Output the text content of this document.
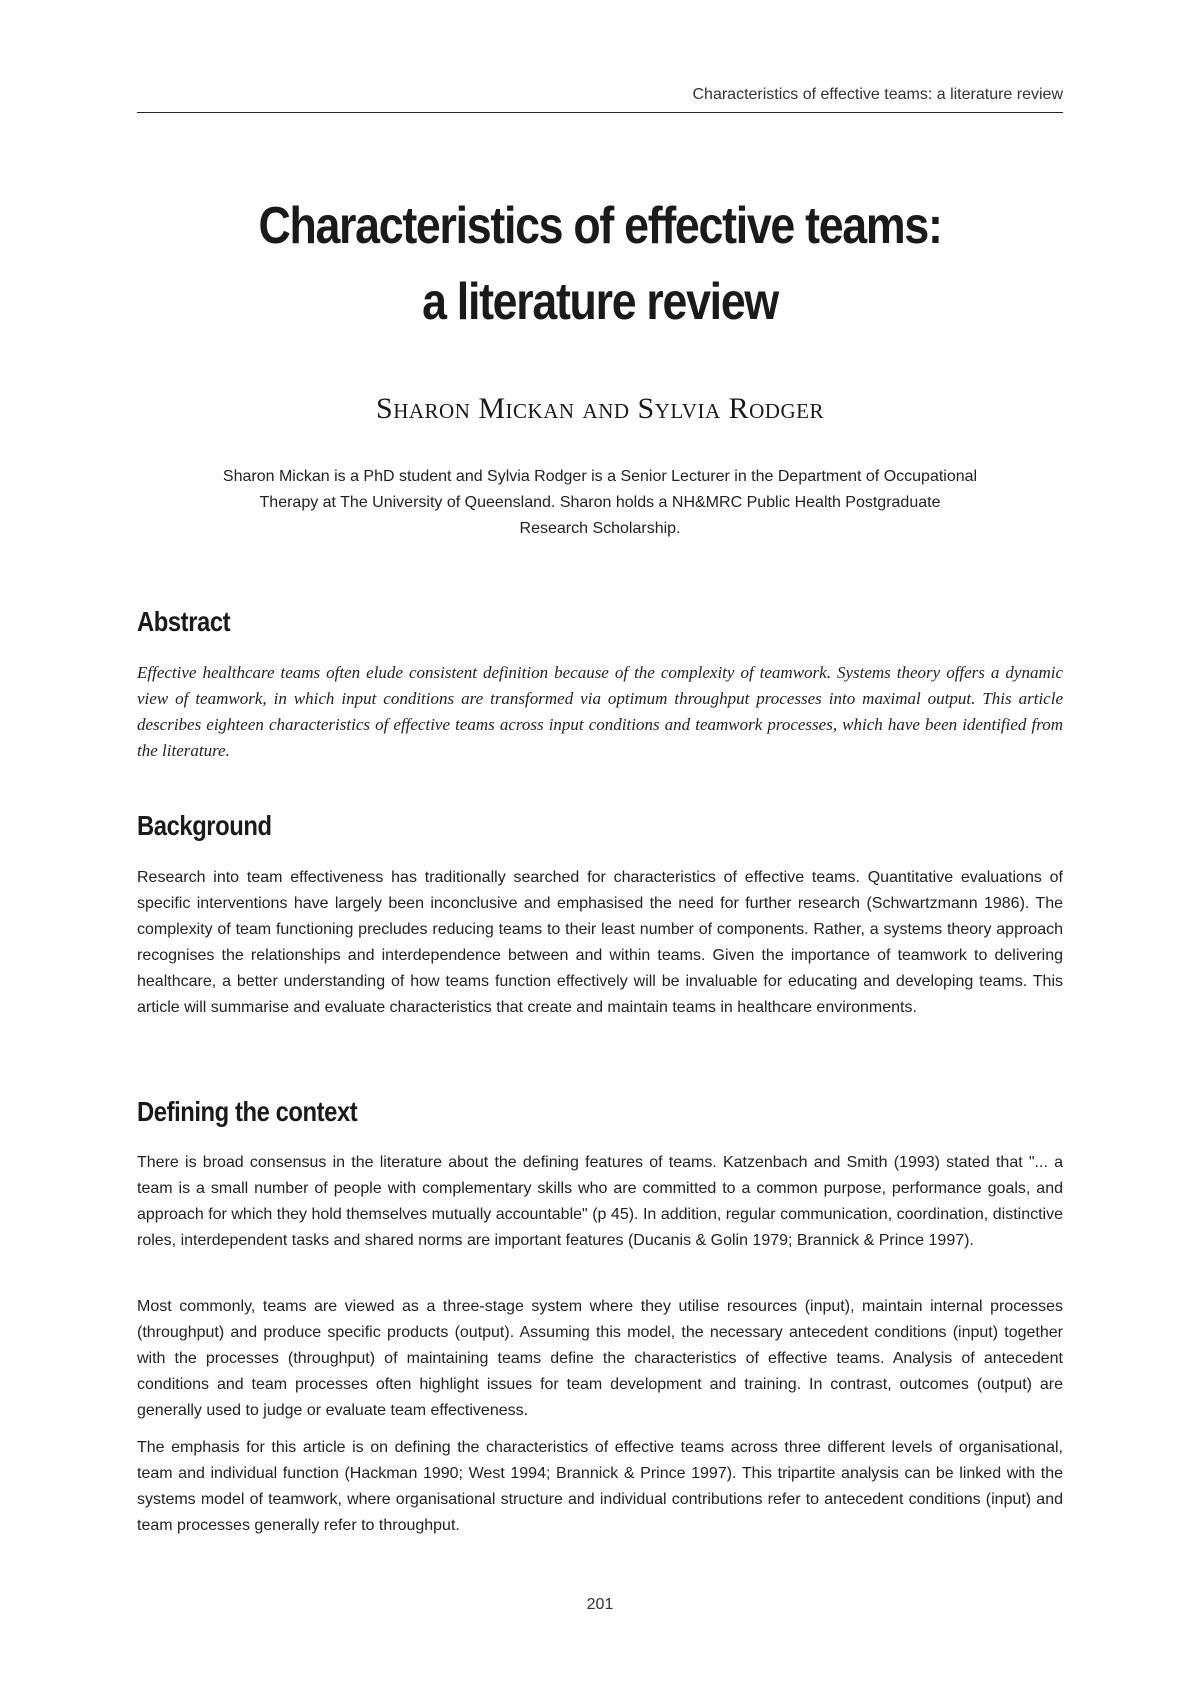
Characteristics of effective teams: a literature review
Characteristics of effective teams:
a literature review
Sharon Mickan and Sylvia Rodger
Sharon Mickan is a PhD student and Sylvia Rodger is a Senior Lecturer in the Department of Occupational
Therapy at The University of Queensland. Sharon holds a NH&MRC Public Health Postgraduate
Research Scholarship.
Abstract

Effective healthcare teams often elude consistent definition because of the complexity of teamwork. Systems theory offers a dynamic view of teamwork, in which input conditions are transformed via optimum throughput processes into maximal output. This article describes eighteen characteristics of effective teams across input conditions and teamwork processes, which have been identified from the literature.

Background

Research into team effectiveness has traditionally searched for characteristics of effective teams. Quantitative evaluations of specific interventions have largely been inconclusive and emphasised the need for further research (Schwartzmann 1986). The complexity of team functioning precludes reducing teams to their least number of components. Rather, a systems theory approach recognises the relationships and interdependence between and within teams. Given the importance of teamwork to delivering healthcare, a better understanding of how teams function effectively will be invaluable for educating and developing teams. This article will summarise and evaluate characteristics that create and maintain teams in healthcare environments.

Defining the context

There is broad consensus in the literature about the defining features of teams. Katzenbach and Smith (1993) stated that "... a team is a small number of people with complementary skills who are committed to a common purpose, performance goals, and approach for which they hold themselves mutually accountable" (p 45). In addition, regular communication, coordination, distinctive roles, interdependent tasks and shared norms are important features (Ducanis & Golin 1979; Brannick & Prince 1997).

Most commonly, teams are viewed as a three-stage system where they utilise resources (input), maintain internal processes (throughput) and produce specific products (output). Assuming this model, the necessary antecedent conditions (input) together with the processes (throughput) of maintaining teams define the characteristics of effective teams. Analysis of antecedent conditions and team processes often highlight issues for team development and training. In contrast, outcomes (output) are generally used to judge or evaluate team effectiveness.

The emphasis for this article is on defining the characteristics of effective teams across three different levels of organisational, team and individual function (Hackman 1990; West 1994; Brannick & Prince 1997). This tripartite analysis can be linked with the systems model of teamwork, where organisational structure and individual contributions refer to antecedent conditions (input) and team processes generally refer to throughput.

201
